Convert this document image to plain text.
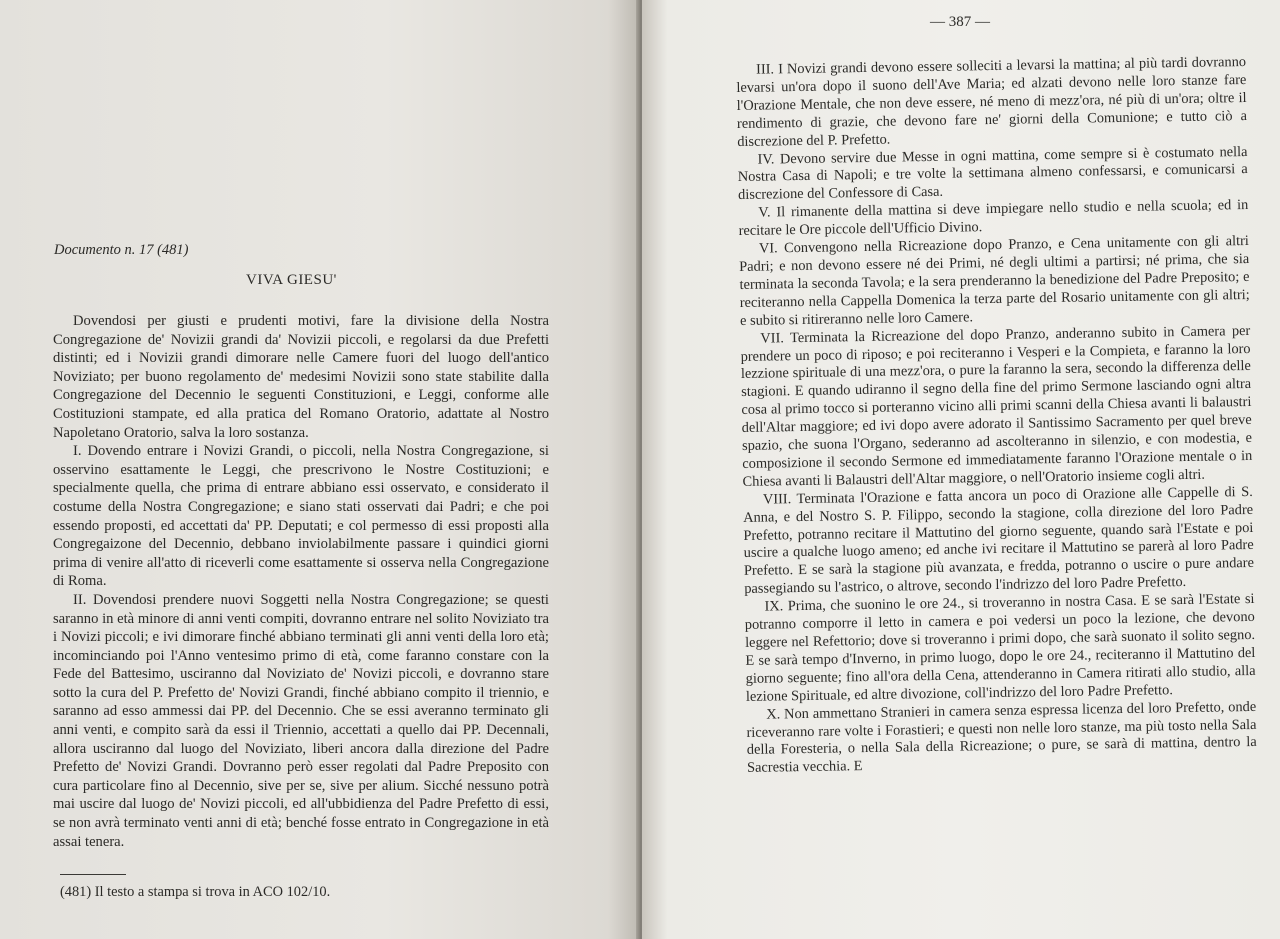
Documento n. 17 (481)
VIVA GIESU'

Dovendosi per giusti e prudenti motivi, fare la divisione della Nostra Congregazione de' Novizii grandi da' Novizii piccoli, e regolarsi da due Prefetti distinti; ed i Novizii grandi dimorare nelle Camere fuori del luogo dell'antico Noviziato; per buono regolamento de' medesimi Novizii sono state stabilite dalla Congregazione del Decennio le seguenti Constituzioni, e Leggi, conforme alle Costituzioni stampate, ed alla pratica del Romano Oratorio, adattate al Nostro Napoletano Oratorio, salva la loro sostanza.

I. Dovendo entrare i Novizi Grandi, o piccoli, nella Nostra Congregazione, si osservino esattamente le Leggi, che prescrivono le Nostre Costituzioni; e specialmente quella, che prima di entrare abbiano essi osservato, e considerato il costume della Nostra Congregazione; e siano stati osservati dai Padri; e che poi essendo proposti, ed accettati da' PP. Deputati; e col permesso di essi proposti alla Congregaizone del Decennio, debbano inviolabilmente passare i quindici giorni prima di venire all'atto di riceverli come esattamente si osserva nella Congregazione di Roma.

II. Dovendosi prendere nuovi Soggetti nella Nostra Congregazione; se questi saranno in età minore di anni venti compiti, dovranno entrare nel solito Noviziato tra i Novizi piccoli; e ivi dimorare finché abbiano terminati gli anni venti della loro età; incominciando poi l'Anno ventesimo primo di età, come faranno constare con la Fede del Battesimo, usciranno dal Noviziato de' Novizi piccoli, e dovranno stare sotto la cura del P. Prefetto de' Novizi Grandi, finché abbiano compito il triennio, e saranno ad esso ammessi dai PP. del Decennio. Che se essi averanno terminato gli anni venti, e compito sarà da essi il Triennio, accettati a quello dai PP. Decennali, allora usciranno dal luogo del Noviziato, liberi ancora dalla direzione del Padre Prefetto de' Novizi Grandi. Dovranno però esser regolati dal Padre Preposito con cura particolare fino al Decennio, sive per se, sive per alium. Sicché nessuno potrà mai uscire dal luogo de' Novizi piccoli, ed all'ubbidienza del Padre Prefetto di essi, se non avrà terminato venti anni di età; benché fosse entrato in Congregazione in età assai tenera.

(481) Il testo a stampa si trova in ACO 102/10.
— 387 —

III. I Novizi grandi devono essere solleciti a levarsi la mattina; al più tardi dovranno levarsi un'ora dopo il suono dell'Ave Maria; ed alzati devono nelle loro stanze fare l'Orazione Mentale, che non deve essere, né meno di mezz'ora, né più di un'ora; oltre il rendimento di grazie, che devono fare ne' giorni della Comunione; e tutto ciò a discrezione del P. Prefetto.

IV. Devono servire due Messe in ogni mattina, come sempre si è costumato nella Nostra Casa di Napoli; e tre volte la settimana almeno confessarsi, e comunicarsi a discrezione del Confessore di Casa.

V. Il rimanente della mattina si deve impiegare nello studio e nella scuola; ed in recitare le Ore piccole dell'Ufficio Divino.

VI. Convengono nella Ricreazione dopo Pranzo, e Cena unitamente con gli altri Padri; e non devono essere né dei Primi, né degli ultimi a partirsi; né prima, che sia terminata la seconda Tavola; e la sera prenderanno la benedizione del Padre Preposito; e reciteranno nella Cappella Domenica la terza parte del Rosario unitamente con gli altri; e subito si ritireranno nelle loro Camere.

VII. Terminata la Ricreazione del dopo Pranzo, anderanno subito in Camera per prendere un poco di riposo; e poi reciteranno i Vesperi e la Compieta, e faranno la loro lezzione spirituale di una mezz'ora, o pure la faranno la sera, secondo la differenza delle stagioni. E quando udiranno il segno della fine del primo Sermone lasciando ogni altra cosa al primo tocco si porteranno vicino alli primi scanni della Chiesa avanti li balaustri dell'Altar maggiore; ed ivi dopo avere adorato il Santissimo Sacramento per quel breve spazio, che suona l'Organo, sederanno ad ascolteranno in silenzio, e con modestia, e composizione il secondo Sermone ed immediatamente faranno l'Orazione mentale o in Chiesa avanti li Balaustri dell'Altar maggiore, o nell'Oratorio insieme cogli altri.

VIII. Terminata l'Orazione e fatta ancora un poco di Orazione alle Cappelle di S. Anna, e del Nostro S. P. Filippo, secondo la stagione, colla direzione del loro Padre Prefetto, potranno recitare il Mattutino del giorno seguente, quando sarà l'Estate e poi uscire a qualche luogo ameno; ed anche ivi recitare il Mattutino se parerà al loro Padre Prefetto. E se sarà la stagione più avanzata, e fredda, potranno o uscire o pure andare passegiando su l'astrico, o altrove, secondo l'indrizzo del loro Padre Prefetto.

IX. Prima, che suonino le ore 24., si troveranno in nostra Casa. E se sarà l'Estate si potranno comporre il letto in camera e poi vedersi un poco la lezione, che devono leggere nel Refettorio; dove si troveranno i primi dopo, che sarà suonato il solito segno. E se sarà tempo d'Inverno, in primo luogo, dopo le ore 24., reciteranno il Mattutino del giorno seguente; fino all'ora della Cena, attenderanno in Camera ritirati allo studio, alla lezione Spirituale, ed altre divozione, coll'indrizzo del loro Padre Prefetto.

X. Non ammettano Stranieri in camera senza espressa licenza del loro Prefetto, onde riceveranno rare volte i Forastieri; e questi non nelle loro stanze, ma più tosto nella Sala della Foresteria, o nella Sala della Ricreazione; o pure, se sarà di mattina, dentro la Sacrestia vecchia. E
